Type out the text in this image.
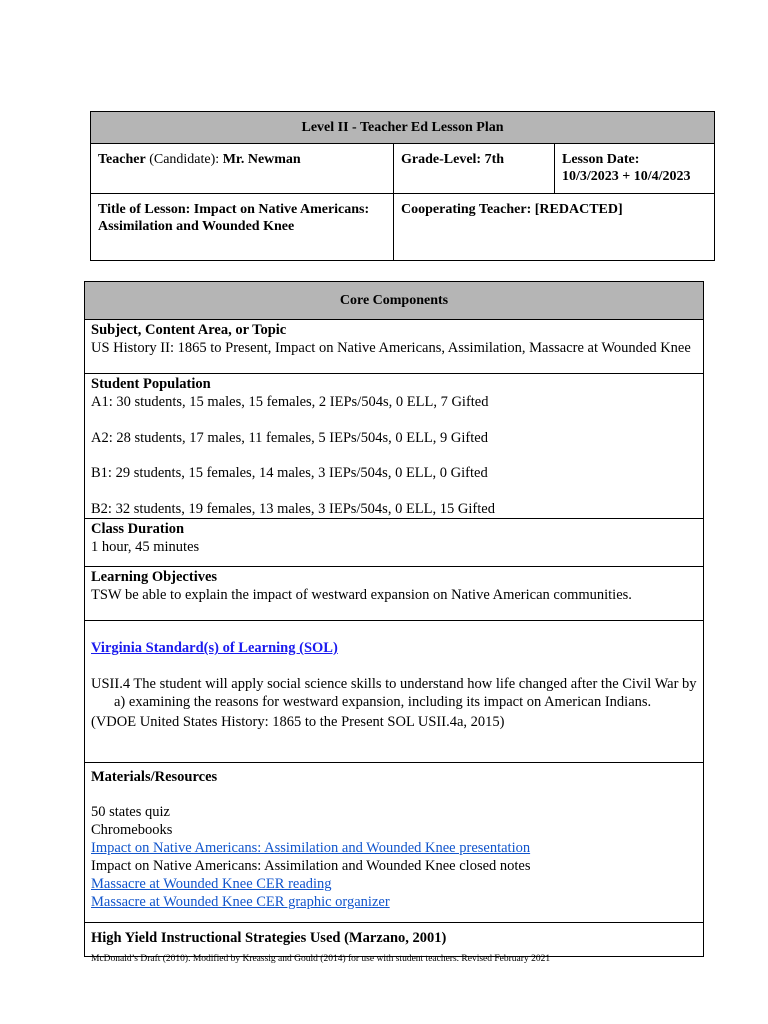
Level II - Teacher Ed Lesson Plan		
Teacher (Candidate): Mr. Newman	Grade-Level: 7th	Lesson Date:
10/3/2023 + 10/4/2023

Title of Lesson: Impact on Native Americans: Assimilation and Wounded Knee	Cooperating Teacher: [REDACTED]	
Core Components

Subject, Content Area, or Topic
US History II: 1865 to Present, Impact on Native Americans, Assimilation, Massacre at Wounded Knee

Student Population
A1: 30 students, 15 males, 15 females, 2 IEPs/504s, 0 ELL, 7 Gifted
A2: 28 students, 17 males, 11 females, 5 IEPs/504s, 0 ELL, 9 Gifted
B1: 29 students, 15 females, 14 males, 3 IEPs/504s, 0 ELL, 0 Gifted
B2: 32 students, 19 females, 13 males, 3 IEPs/504s, 0 ELL, 15 Gifted

Class Duration
1 hour, 45 minutes

Learning Objectives
TSW be able to explain the impact of westward expansion on Native American communities.

Virginia Standard(s) of Learning (SOL)
USII.4 The student will apply social science skills to understand how life changed after the Civil War by
a) examining the reasons for westward expansion, including its impact on American Indians.
(VDOE United States History: 1865 to the Present SOL USII.4a, 2015)

Materials/Resources
50 states quiz
Chromebooks
Impact on Native Americans: Assimilation and Wounded Knee presentation
Impact on Native Americans: Assimilation and Wounded Knee closed notes
Massacre at Wounded Knee CER reading
Massacre at Wounded Knee CER graphic organizer

High Yield Instructional Strategies Used (Marzano, 2001)
McDonald’s Draft (2010). Modified by Kreassig and Gould (2014) for use with student teachers. Revised February 2021
